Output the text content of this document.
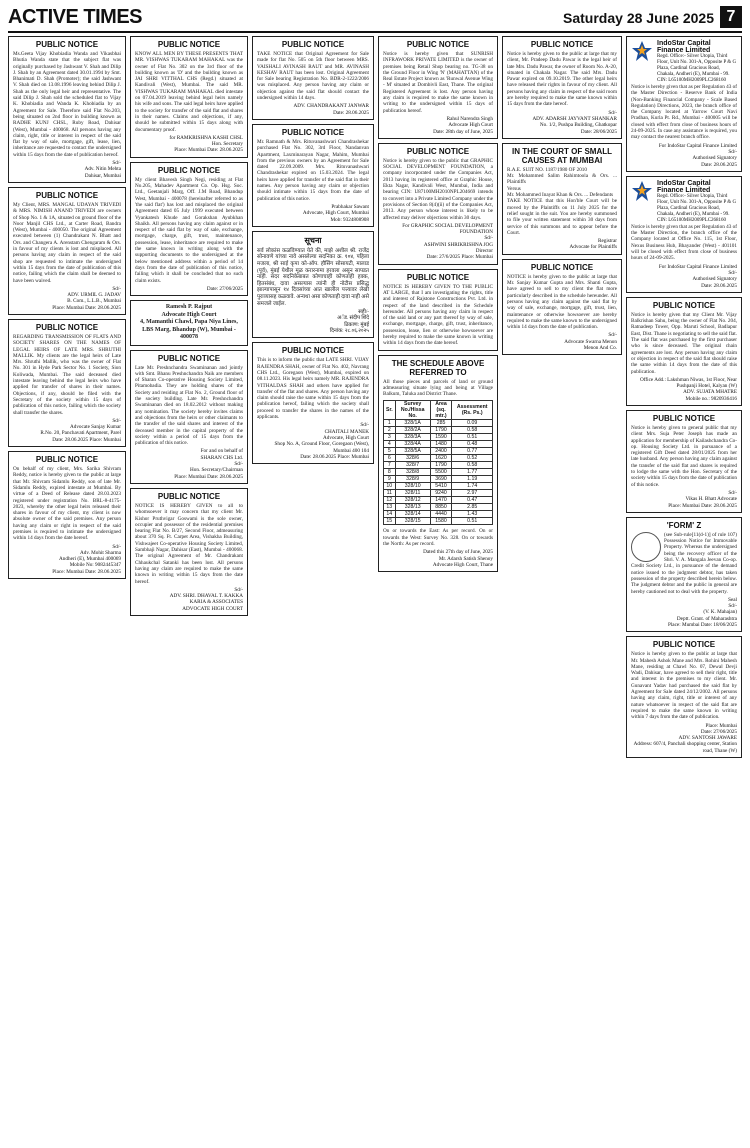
ACTIVE TIMES	Saturday 28 June 2025 7
PUBLIC NOTICE

Ms.Geeta Vijay Khobiadia Wanda and Vikasbhai Bhutia Wanda state that the subject flat was originally purchased by Jashwant V. Shah and Dilip J. Shah by an Agreement dated 30.01.1994 by Smt. Bhanimati D. Shah (Promoter); the said Jashwant V. Shah died on 13.08.1996 leaving behind Dilip J. Shah as the only legal heir and representative. The said Dilip J. Shah sold the scheduled flat to Vijay K. Khobiadia and Wanda K. Khobiadia by an Agreement for Sale. Therefore said Flat No.203, being situated on 2nd floor in building known as RADHE KUNJ CHSL, Ruby Road, Dahisar (West), Mumbai - 400068. All persons having any claim, right, title or interest in respect of the said flat by way of sale, mortgage, gift, lease, lien, inheritance are requested to contact the undersigned within 15 days from the date of publication hereof.

Sd/-
Adv. Nitin Mehta
Dahisar, Mumbai
PUBLIC NOTICE

My Client, MRS. MANGAL UDAYAN TRIVEDI & MRS. NIMISH ANAND TRIVEDI are owners of Shop No. 1 & 1A, situated on ground floor of the Noor Manjil CHS Ltd., at Carter Road, Bandra (West), Mumbai - 400050. The original Agreement executed between (1) Chandrakant N. Bhatt and Ors. and Changera A. Arenstam Chengaram & Ors. in favour of my clients is lost and misplaced. All persons having any claim in respect of the said shop are requested to intimate the undersigned within 15 days from the date of publication of this notice, failing which the claim shall be deemed to have been waived.

Sd/-
ADV. URMIL G. JADAV
B. Com., L.L.B., Mumbai
Place: Mumbai Date: 28.06.2025
PUBLIC NOTICE

REGARDING TRANSMISSION OF FLATS AND SOCIETY SHARES ON THE NAMES OF LEGAL HEIRS OF LATE MRS. SHRUTHI MALLIK. My clients are the legal heirs of Late Mrs. Shruthi Mallik, who was the owner of Flat No. 301 in Hyde Park Sector No. 1 Society, Sion Koliwada, Mumbai. The said deceased died intestate leaving behind the legal heirs who have applied for transfer of shares in their names. Objections, if any, should be filed with the Secretary of the society within 15 days of publication of this notice, failing which the society shall transfer the shares.

Sd/-
Advocate Sanjay Kumar
R.No. 20, Panchavati Apartment, Parel
Date: 28.06.2025 Place: Mumbai
PUBLIC NOTICE

On behalf of my client, Mrs. Sarika Shivram Reddy, notice is hereby given to the public at large that Mr. Shivram Sidamlu Reddy, son of late Mr. Sidamlu Reddy, expired intestate at Mumbai. By virtue of a Deed of Release dated 28.03.2023 registered under registration No. BRL-8-4175-2023, whereby the other legal heirs released their shares in favour of my client, my client is now absolute owner of the said premises. Any person having any claim or right in respect of the said premises is required to intimate the undersigned within 14 days from the date hereof.

Sd/-
Adv. Mohit Sharma
Andheri (E), Mumbai 400069
Mobile No: 9082445347
Place: Mumbai Date: 28.06.2025
PUBLIC NOTICE

KNOW ALL MEN BY THESE PRESENTS THAT MR. VISHWAS TUKARAM MAHAKAL was the owner of Flat No. 302 on the 3rd floor of the building known as 'D' and the building known as JAI SHRI VITTHAL CHS (Regd.) situated at Kandivali (West), Mumbai. The said MR. VISHWAS TUKARAM MAHAKAL died intestate on 07.04.2019 leaving behind legal heirs namely his wife and sons. The said legal heirs have applied to the society for transfer of the said flat and shares in their names. Claims and objections, if any, should be submitted within 15 days along with documentary proof.

for RAMKRISHNA KASHI CHSL
Hon. Secretary
Place: Mumbai Date: 28.06.2025
PUBLIC NOTICE

My client Bhavesh Singh Negi, residing at Flat No.205, Mahadev Apartment Co. Op. Hsg. Soc. Ltd., Geetanjali Marg, Off. J.M Road, Bhandup West, Mumbai - 400078 (hereinafter referred to as 'the said flat') has lost and misplaced the original Agreement dated 05 July 1999 executed between Vyankatesh Khude and Gorakshan Ayubkhan Shaikh. All persons having any claim against or in respect of the said flat by way of sale, exchange, mortgage, charge, gift, trust, maintenance, possession, lease, inheritance are required to make the same known in writing along with the supporting documents to the undersigned at the below mentioned address within a period of 14 days from the date of publication of this notice, failing which it shall be concluded that no such claim exists.

Date: 27/06/2025

Ramesh P. Rajput
Advocate High Court
4, Mamanthi Chawl, Papa Niya Lines, LBS Marg, Bhandup (W), Mumbai - 400078

PUBLIC NOTICE

Late Mr. Preshnchandra Swaminanan and jointly with Smt. Bhanu Preshnchandra Naik are members of Sharan Co-operative Housing Society Limited, Pitamobadia. They are holding shares of the Society and residing at Flat No. 2, Ground floor of the society building. Late Mr. Preshnchandra Swaminanan died on 18.02.2012 without making any nomination. The society hereby invites claims and objections from the heirs or other claimants to the transfer of the said shares and interest of the deceased member in the capital property of the society within a period of 15 days from the publication of this notice.

For and on behalf of
SHARAN CHS Ltd.
Sd/-
Hon. Secretary/Chairman
Place: Mumbai Date: 28.06.2025
PUBLIC NOTICE

NOTICE IS HEREBY GIVEN to all to whomsoever it may concern that my client Mr. Kishor Pruthvigar Goswami is the sole owner, occupier and possessor of the residential premises bearing Flat No. B/27, Second Floor, admeasuring about 370 Sq. Ft. Carpet Area, Vishakha Building, Vishwajeet Co-operative Housing Society Limited, Sambhaji Nagar, Dahisar (East), Mumbai - 400068. The original Agreement of Mr. Chandrakant Chhaukchal Satanki has been lost. All persons having any claim are required to make the same known in writing within 15 days from the date hereof.

Sd/-
ADV. SHRI. DHAVAL T. KAKKA
KARIA & ASSOCIATES
ADVOCATE HIGH COURT
PUBLIC NOTICE

TAKE NOTICE that Original Agreement for Sale made for flat No. 505 on 5th floor between MRS. VAISHALI AVINASH RAUT and MR. AVINASH KESHAV RAUT has been lost. Original Agreement for Sale bearing Registration No. BDR-2-1222/2006 was misplaced. Any person having any claim or objection against the said flat should contact the undersigned within 14 days.

ADV. CHANDRAKANT JANWAR
Date: 28.06.2025
PUBLIC NOTICE

Mr. Ramnath & Mrs. Rituvanashwari Chandrashekar purchased Flat No. 302, 3rd Floor, Nandanvan Apartment, Laxminarayan Nagar, Mahim, Mumbai from the previous owners by an Agreement for Sale dated 22.09.2009. Mrs. Rituvanashwari Chandrashekar expired on 15.03.2024. The legal heirs have applied for transfer of the said flat in their names. Any person having any claim or objection should intimate within 15 days from the date of publication of this notice.

Prabhakar Sawant
Advocate, High Court, Mumbai
Mob: 9324808908
सूचना

सर्व लोकांस कळविण्यात येते की, माझे अशील श्री. राजेंद्र सोनावणे यांच्या नावे असलेल्या सदनिका क्र. १०४, पहिला मजला, श्री साई कृपा को-ऑप. हौसिंग सोसायटी, मालाड (पूर्व), मुंबई येथील मूळ करारनामा हरवला असून सापडत नाही. सदर सदनिकेबाबत कोणाचाही कोणताही हक्क, हितसंबंध, दावा असल्यास त्यांनी ही नोटीस प्रसिद्ध झाल्यापासून १४ दिवसांच्या आत खालील पत्त्यावर लेखी पुराव्यासह कळवावे. अन्यथा असा कोणताही दावा नाही असे समजले जाईल.

सही/-
अॅड. संदीप शिंदे
ठिकाण: मुंबई
दिनांक: २८.०६.२०२५
PUBLIC NOTICE

This is to inform the public that LATE SHRI. VIJAY RAJENDRA SHAH, owner of Flat No. 402, Navrang CHS Ltd., Goregaon (West), Mumbai, expired on 08.11.2023. His legal heirs namely MR. RAJENDRA VITHALDAS SHAH and others have applied for transfer of the flat and shares. Any person having any claim should raise the same within 15 days from the publication hereof, failing which the society shall proceed to transfer the shares in the names of the applicants.

Sd/-
CHAITALI MANEK
Advocate, High Court
Shop No. A, Ground Floor, Goregaon (West), Mumbai 400 104
Date: 28.06.2025 Place: Mumbai
PUBLIC NOTICE

Notice is hereby given that SUNRISH INFRAWORK PRIVATE LIMITED is the owner of premises being Retail Shop bearing no. TG-38 on the Ground Floor in Wing 'N' (MAHATTAN) of the Real Estate Project known as 'Runwal Avenue Wing - M' situated at Dombivli East, Thane. The original Registered Agreement is lost. Any person having any claim is required to make the same known in writing to the undersigned within 15 days of publication hereof.

Rahul Narendra Singh
Advocate High Court
Date: 28th day of June, 2025
PUBLIC NOTICE

Notice is hereby given to the public that GRAPHIC SOCIAL DEVELOPMENT FOUNDATION, a company incorporated under the Companies Act, 2013 having its registered office at Graphic House, Ekta Nagar, Kandivali West, Mumbai, India and bearing CIN: U87100MH2010NPL204669 intends to convert into a Private Limited Company under the provisions of Section 8(4)(ii) of the Companies Act, 2013. Any person whose interest is likely to be affected may deliver objections within 30 days.

For GRAPHIC SOCIAL DEVELOPMENT FOUNDATION
Sd/-
ASHWINI SHRIKRISHNA JOG
Director
Date: 27/6/2025 Place: Mumbai
PUBLIC NOTICE

NOTICE IS HEREBY GIVEN TO THE PUBLIC AT LARGE, that I am investigating the rights, title and interest of Rajstone Constructions Pvt. Ltd. in respect of the land described in the Schedule hereunder. All persons having any claim in respect of the said land or any part thereof by way of sale, exchange, mortgage, charge, gift, trust, inheritance, possession, lease, lien or otherwise howsoever are hereby required to make the same known in writing within 14 days from the date hereof.

THE SCHEDULE ABOVE REFERRED TO

All those pieces and parcels of land or ground admeasuring situate lying and being at Village Balkum, Taluka and District Thane.

Sr.	Survey No./Hissa No.	Area (sq. mtr.)	Assessment (Rs. Ps.)
1	328/1A	285	0.09
2	328/2A	1790	0.58
3	328/3A	1590	0.51
4	328/4A	1480	0.48
5	328/5A	2400	0.77
6	328/6	1620	0.52
7	328/7	1790	0.58
8	328/8	5500	1.77
9	328/9	3690	1.19
10	328/10	5410	1.74
11	328/11	9240	2.97
12	328/12	1470	0.47
13	328/13	8850	2.85
14	328/14	4440	1.43
15	328/15	1580	0.51

On or towards the East: As per record. On or towards the West: Survey No. 328. On or towards the North: As per record.

Dated this 27th day of June, 2025
Mr. Adarsh Satish Shenoy
Advocate High Court, Thane
PUBLIC NOTICE

Notice is hereby given to the public at large that my client, Mr. Pradeep Dadu Pawar is the legal heir of late Mrs. Dadu Pawar, the owner of Room No. A-20, situated in Chakala Nagar. The said Mrs. Dadu Pawar expired on 09.10.2019. The other legal heirs have released their rights in favour of my client. All persons having any claim in respect of the said room are hereby required to make the same known within 15 days from the date hereof.

Sd/-
ADV. ADARSH JAYVANT SHANKAR
No. 1/2, Pushpa Building, Ghatkopar
Date: 28/06/2025
IN THE COURT OF SMALL CAUSES AT MUMBAI

R.A.E. SUIT NO. 1187/1980 OF 2010
Mr. Mohammed Salim Rahimtoola & Ors. ... Plaintiffs
Versus
Mr. Mohammed Inayat Khan & Ors. ... Defendants
TAKE NOTICE that this Hon'ble Court will be moved by the Plaintiffs on 11 July 2025 for the relief sought in the suit. You are hereby summoned to file your written statement within 30 days from service of this summons and to appear before the Court.

Registrar
Advocate for Plaintiffs
PUBLIC NOTICE

NOTICE is hereby given to the public at large that Mr. Sanjay Kumar Gupta and Mrs. Shanti Gupta, have agreed to sell to my client the flat more particularly described in the schedule hereunder. All persons having any claim against the said flat by way of sale, exchange, mortgage, gift, trust, lien, maintenance or otherwise howsoever are hereby required to make the same known to the undersigned within 14 days from the date of publication.

Sd/-
Advocate Swarna Menon
Menon And Co.
IndoStar Capital Finance Limited
Regd. Office:- Silver Utopia, Third Floor, Unit No. 301-A, Opposite P & G Plaza, Cardinal Gracious Road, Chakala, Andheri (E), Mumbai - 99. CIN: L65100MH2009PLC268160

Notice is hereby given that as per Regulation 43 of the Master Direction - Reserve Bank of India (Non-Banking Financial Company - Scale Based Regulation) Directions, 2023, the branch office of the Company located at Yarrow Court Navi Pradhan, Kurla Pt. Rd., Mumbai - 400005 will be closed with effect from close of business hours of 24-09-2025. In case any assistance is required, you may contact the nearest branch office.

For IndoStar Capital Finance Limited
Sd/-
Authorised Signatory
Date: 28.06.2025
IndoStar Capital Finance Limited
Regd. Office:- Silver Utopia, Third Floor, Unit No. 301-A, Opposite P & G Plaza, Cardinal Gracious Road, Chakala, Andheri (E), Mumbai - 99. CIN: L65100MH2009PLC268160

Notice is hereby given that as per Regulation 43 of the Master Direction, the branch office of the Company located at Office No. 115, 1st Floor, Nexus Business Hub, Bhayander (West) - 401101 will be closed with effect from close of business hours of 24-09-2025.

For IndoStar Capital Finance Limited
Sd/-
Authorised Signatory
Date: 28.06.2025
PUBLIC NOTICE

Notice is hereby given that my Client Mr. Vijay Balkrishan Sahu, being the owner of Flat No. 204, Ratnadeep Tower, Opp. Maruti School, Badlapur East, Dist. Thane is negotiating to sell the said flat. The said flat was purchased by the first purchaser who is since deceased. The original chain agreements are lost. Any person having any claim or objection in respect of the said flat should raise the same within 14 days from the date of this publication.

Office Add.: Lakshman Niwas, 1st Floor, Near Pushpanji Hotel, Kalyan (W)
ADV. SUJATA MHATRE
Mobile no.: 9820936416
PUBLIC NOTICE

Notice is hereby given to general public that my client Mrs. Suja Peter Joseph has made an application for membership of Kailashchandra Co-op. Housing Society Ltd. in pursuance of a registered Gift Deed dated 28/01/2025 from her late husband. Any person having any claim against the transfer of the said flat and shares is required to lodge the same with the Hon. Secretary of the society within 15 days from the date of publication of this notice.

Sd/-
Vikas H. Bhatt Advocate
Place: Mumbai Date: 28.06.2025
'FORM' Z

(see Sub-rule[11(d-1)] of rule 107) Possession Notice for Immovable Property. Whereas the undersigned being the recovery officer of the Shri. V. A. Mangala Jeevan Co-op. Credit Society Ltd., in pursuance of the demand notice issued to the judgment debtor, has taken possession of the property described herein below. The judgment debtor and the public in general are hereby cautioned not to deal with the property.

Seal
Sd/-
(V. K. Mahajan)
Deptt. Grant. of Maharashtra
Place: Mumbai Date: 18/06/2025
PUBLIC NOTICE

Notice is hereby given to the public at large that Mr. Mahesh Ashok Mane and Mrs. Rohini Mahesh Mane, residing at Chawl No. 07, Dewal Devji Wadi, Dahisar, have agreed to sell their right, title and interest in the premises to my client. Mr. Gunavant Yadav had purchased the said flat by Agreement for Sale dated 24/12/2002. All persons having any claim, right, title or interest of any nature whatsoever in respect of the said flat are required to make the same known in writing within 7 days from the date of publication.

Place: Mumbai
Date: 27/06/2025
ADV. SANTOSH JAWARE
Address: 607/4, Panchali shopping center, Station road, Thane (W)
